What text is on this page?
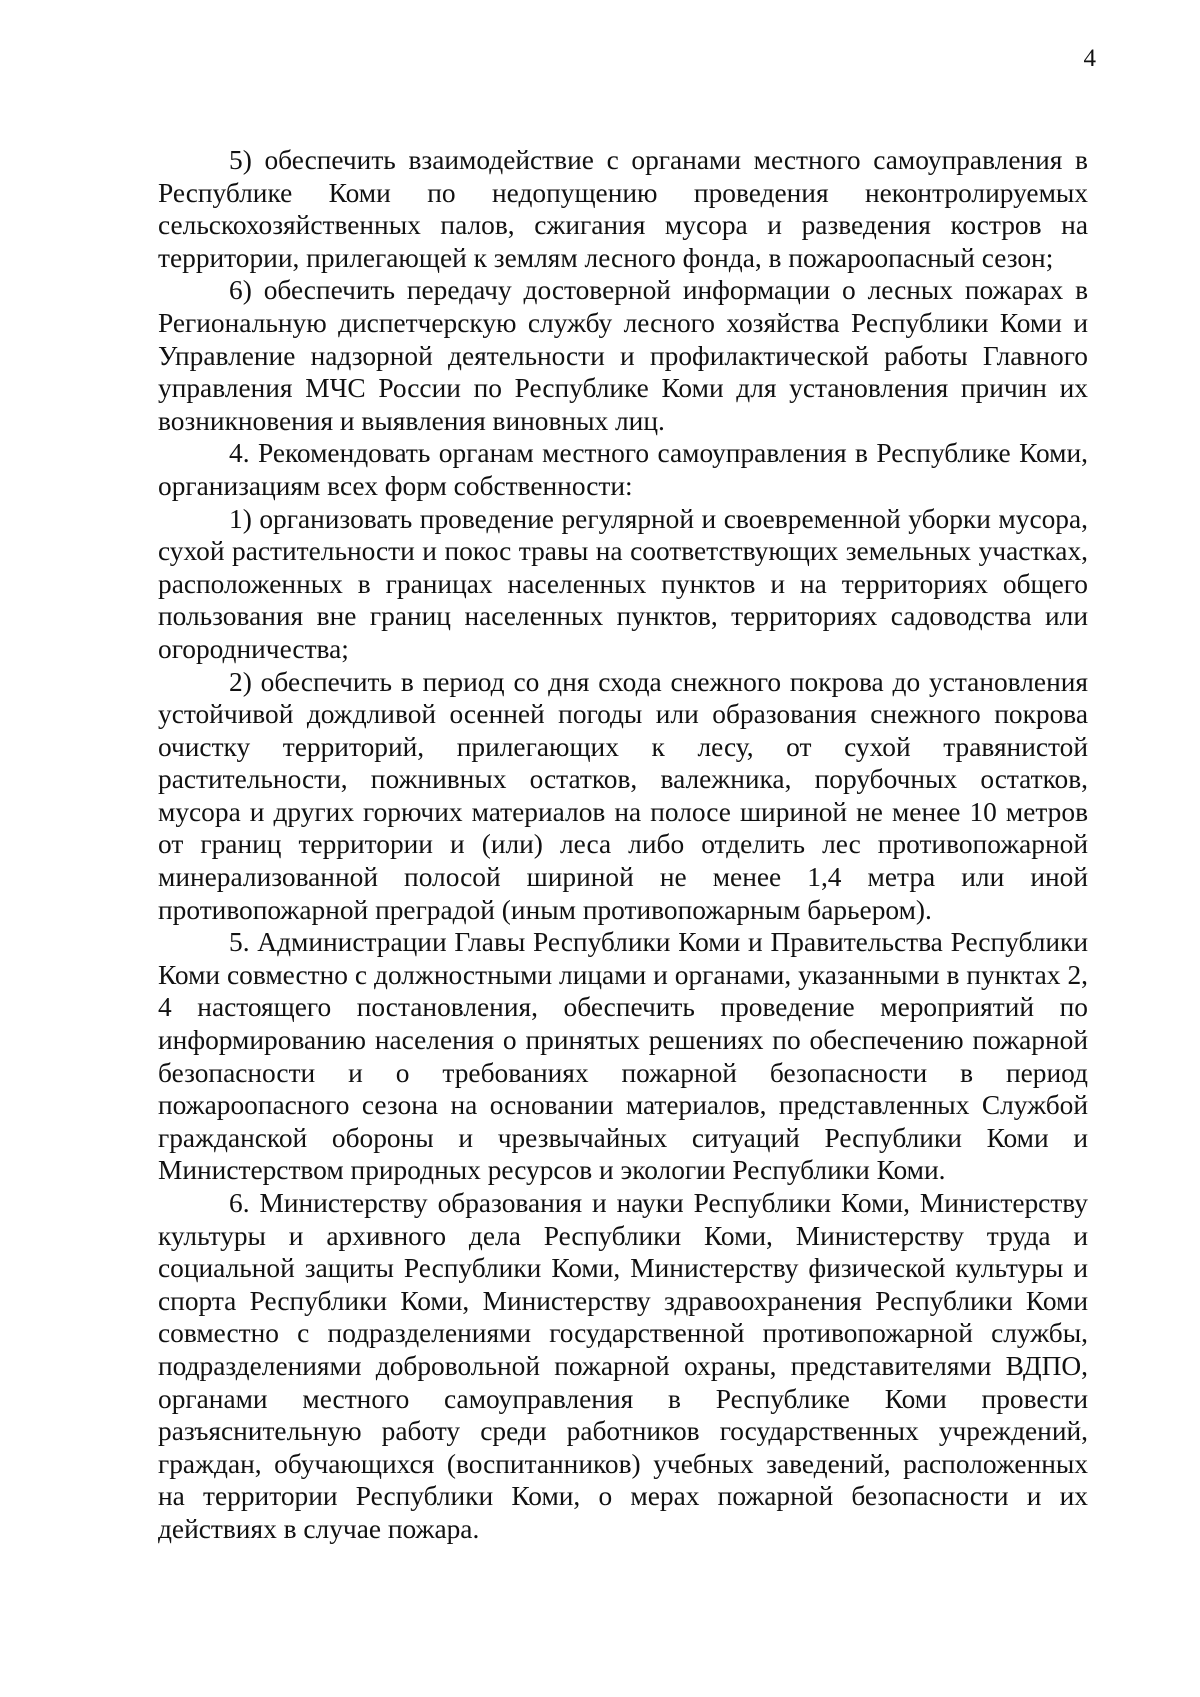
4

5) обеспечить взаимодействие с органами местного самоуправления в Республике Коми по недопущению проведения неконтролируемых сельскохозяйственных палов, сжигания мусора и разведения костров на территории, прилегающей к землям лесного фонда, в пожароопасный сезон;

6) обеспечить передачу достоверной информации о лесных пожарах в Региональную диспетчерскую службу лесного хозяйства Республики Коми и Управление надзорной деятельности и профилактической работы Главного управления МЧС России по Республике Коми для установления причин их возникновения и выявления виновных лиц.

4. Рекомендовать органам местного самоуправления в Республике Коми, организациям всех форм собственности:

1) организовать проведение регулярной и своевременной уборки мусора, сухой растительности и покос травы на соответствующих земельных участках, расположенных в границах населенных пунктов и на территориях общего пользования вне границ населенных пунктов, территориях садоводства или огородничества;

2) обеспечить в период со дня схода снежного покрова до установления устойчивой дождливой осенней погоды или образования снежного покрова очистку территорий, прилегающих к лесу, от сухой травянистой растительности, пожнивных остатков, валежника, порубочных остатков, мусора и других горючих материалов на полосе шириной не менее 10 метров от границ территории и (или) леса либо отделить лес противопожарной минерализованной полосой шириной не менее 1,4 метра или иной противопожарной преградой (иным противопожарным барьером).

5. Администрации Главы Республики Коми и Правительства Республики Коми совместно с должностными лицами и органами, указанными в пунктах 2, 4 настоящего постановления, обеспечить проведение мероприятий по информированию населения о принятых решениях по обеспечению пожарной безопасности и о требованиях пожарной безопасности в период пожароопасного сезона на основании материалов, представленных Службой гражданской обороны и чрезвычайных ситуаций Республики Коми и Министерством природных ресурсов и экологии Республики Коми.

6. Министерству образования и науки Республики Коми, Министерству культуры и архивного дела Республики Коми, Министерству труда и социальной защиты Республики Коми, Министерству физической культуры и спорта Республики Коми, Министерству здравоохранения Республики Коми совместно с подразделениями государственной противопожарной службы, подразделениями добровольной пожарной охраны, представителями ВДПО, органами местного самоуправления в Республике Коми провести разъяснительную работу среди работников государственных учреждений, граждан, обучающихся (воспитанников) учебных заведений, расположенных на территории Республики Коми, о мерах пожарной безопасности и их действиях в случае пожара.
